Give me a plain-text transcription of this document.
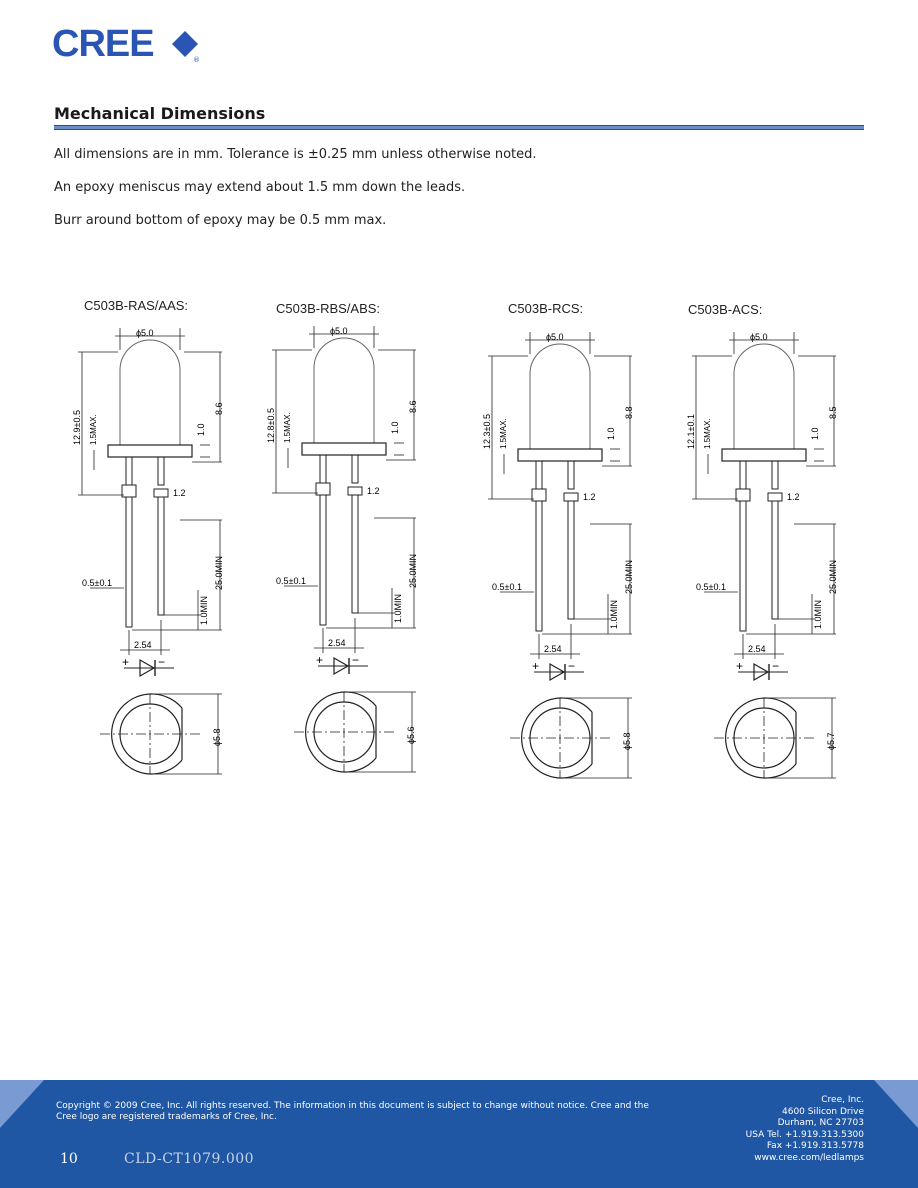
CREE	®
Mechanical Dimensions
All dimensions are in mm. Tolerance is ±0.25 mm unless otherwise noted.
An epoxy meniscus may extend about 1.5 mm down the leads.
Burr around bottom of epoxy may be 0.5 mm max.
C503B-RAS/AAS:
ϕ5.0
8.6
1.0
12.9±0.5 1.5MAX.
1.2
25.0MIN
1.0MIN
0.5±0.1
2.54
+ −
ϕ5.8
C503B-RBS/ABS:
ϕ5.0
8.6
1.0
12.8±0.5 1.5MAX.
1.2
25.0MIN
1.0MIN
0.5±0.1
2.54
+ −
ϕ5.6
C503B-RCS:
ϕ5.0
8.8
1.0
12.3±0.5 1.5MAX.
1.2
25.0MIN
1.0MIN
0.5±0.1
2.54
+ −
ϕ5.8
C503B-ACS:
ϕ5.0
8.5
1.0
12.1±0.1 1.5MAX.
1.2
25.0MIN
1.0MIN
0.5±0.1
2.54
+ −
ϕ5.7
Copyright © 2009 Cree, Inc. All rights reserved. The information in this document is subject to change without notice. Cree and the Cree logo are registered trademarks of Cree, Inc.
10	CLD-CT1079.000
Cree, Inc.
4600 Silicon Drive
Durham, NC 27703
USA Tel. +1.919.313.5300
Fax +1.919.313.5778
www.cree.com/ledlamps
